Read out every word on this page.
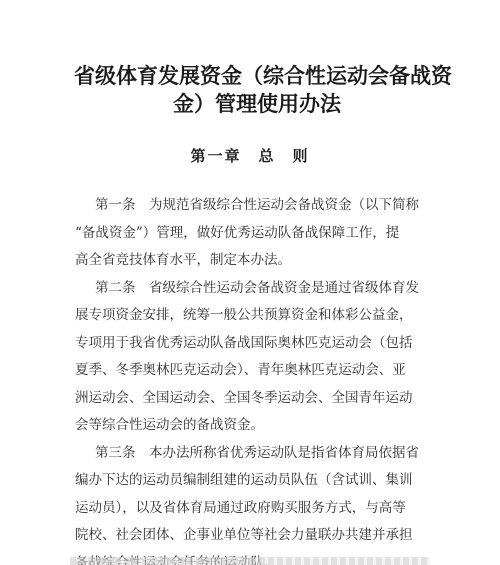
省级体育发展资金（综合性运动会备战资
金）管理使用办法
第一章　总　则
第一条　为规范省级综合性运动会备战资金（以下简称
“备战资金”）管理，做好优秀运动队备战保障工作，提
高全省竞技体育水平，制定本办法。
第二条　省级综合性运动会备战资金是通过省级体育发
展专项资金安排，统筹一般公共预算资金和体彩公益金，
专项用于我省优秀运动队备战国际奥林匹克运动会（包括
夏季、冬季奥林匹克运动会）、青年奥林匹克运动会、亚
洲运动会、全国运动会、全国冬季运动会、全国青年运动
会等综合性运动会的备战资金。
第三条　本办法所称省优秀运动队是指省体育局依据省
编办下达的运动员编制组建的运动员队伍（含试训、集训
运动员），以及省体育局通过政府购买服务方式，与高等
院校、社会团体、企事业单位等社会力量联办共建并承担
